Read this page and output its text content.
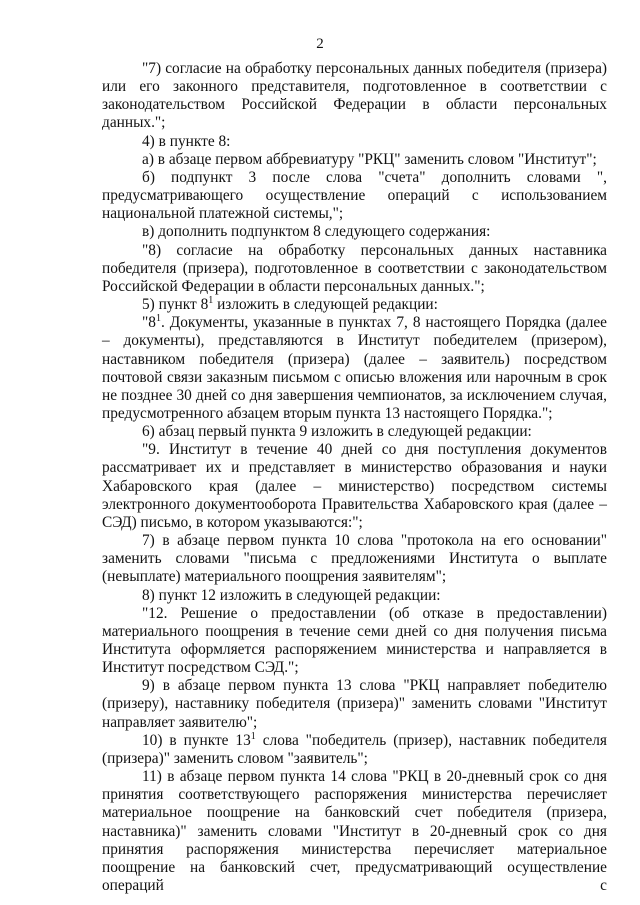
2

"7) согласие на обработку персональных данных победителя (призера) или его законного представителя, подготовленное в соответствии с законодательством Российской Федерации в области персональных данных.";

4) в пункте 8:

а) в абзаце первом аббревиатуру "РКЦ" заменить словом "Институт";

б) подпункт 3 после слова "счета" дополнить словами ", предусматривающего осуществление операций с использованием национальной платежной системы,";

в) дополнить подпунктом 8 следующего содержания:

"8) согласие на обработку персональных данных наставника победителя (призера), подготовленное в соответствии с законодательством Российской Федерации в области персональных данных.";

5) пункт $8^1$ изложить в следующей редакции:

"$8^1$. Документы, указанные в пунктах 7, 8 настоящего Порядка (далее – документы), представляются в Институт победителем (призером), наставником победителя (призера) (далее – заявитель) посредством почтовой связи заказным письмом с описью вложения или нарочным в срок не позднее 30 дней со дня завершения чемпионатов, за исключением случая, предусмотренного абзацем вторым пункта 13 настоящего Порядка.";

6) абзац первый пункта 9 изложить в следующей редакции:

"9. Институт в течение 40 дней со дня поступления документов рассматривает их и представляет в министерство образования и науки Хабаровского края (далее – министерство) посредством системы электронного документооборота Правительства Хабаровского края (далее – СЭД) письмо, в котором указываются:";

7) в абзаце первом пункта 10 слова "протокола на его основании" заменить словами "письма с предложениями Института о выплате (невыплате) материального поощрения заявителям";

8) пункт 12 изложить в следующей редакции:

"12. Решение о предоставлении (об отказе в предоставлении) материального поощрения в течение семи дней со дня получения письма Института оформляется распоряжением министерства и направляется в Институт посредством СЭД.";

9) в абзаце первом пункта 13 слова "РКЦ направляет победителю (призеру), наставнику победителя (призера)" заменить словами "Институт направляет заявителю";

10) в пункте $13^1$ слова "победитель (призер), наставник победителя (призера)" заменить словом "заявитель";

11) в абзаце первом пункта 14 слова "РКЦ в 20-дневный срок со дня принятия соответствующего распоряжения министерства перечисляет материальное поощрение на банковский счет победителя (призера, наставника)" заменить словами "Институт в 20-дневный срок со дня принятия распоряжения министерства перечисляет материальное поощрение на банковский счет, предусматривающий осуществление операций с
